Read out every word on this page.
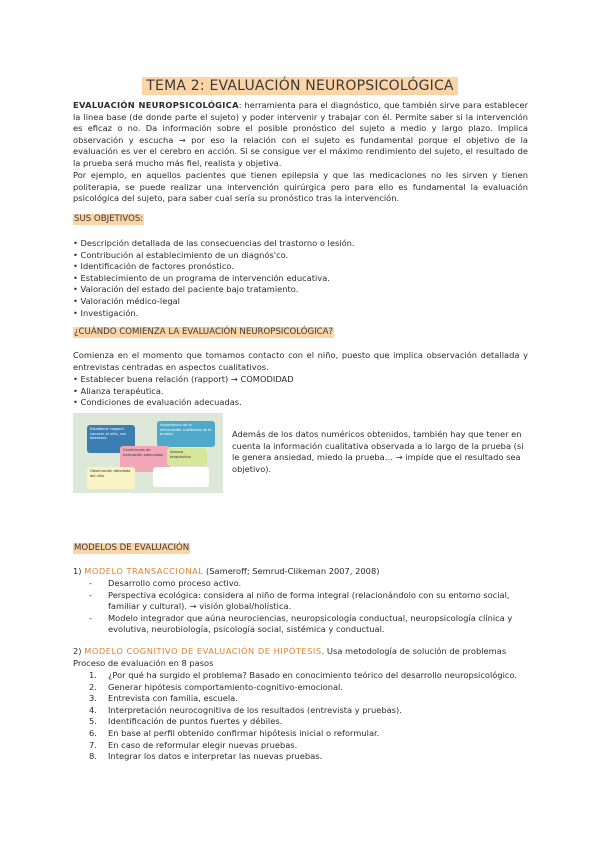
TEMA 2: EVALUACIÓN NEUROPSICOLÓGICA

EVALUACIÓN NEUROPSICOLÓGICA: herramienta para el diagnóstico, que también sirve para establecer la linea base (de donde parte el sujeto) y poder intervenir y trabajar con él. Permite saber si la intervención es eficaz o no. Da información sobre el posible pronóstico del sujeto a medio y largo plazo. Implica observación y escucha → por eso la relación con el sujeto es fundamental porque el objetivo de la evaluación es ver el cerebro en acción. Si se consigue ver el máximo rendimiento del sujeto, el resultado de la prueba será mucho más fiel, realista y objetiva.

Por ejemplo, en aquellos pacientes que tienen epilepsia y que las medicaciones no les sirven y tienen politerapia, se puede realizar una intervención quirúrgica pero para ello es fundamental la evaluación psicológica del sujeto, para saber cual sería su pronóstico tras la intervención.

SUS OBJETIVOS:
• Descripción detallada de las consecuencias del trastorno o lesión.
• Contribución al establecimiento de un diagnós'co.
• Identificación de factores pronóstico.
• Establecimiento de un programa de intervención educativa.
• Valoración del estado del paciente bajo tratamiento.
• Valoración médico-legal
• Investigación.
¿CUÁNDO COMIENZA LA EVALUACIÓN NEUROPSICOLÓGICA?

Comienza en el momento que tomamos contacto con el niño, puesto que implica observación detallada y entrevistas centradas en aspectos cualitativos.

• Establecer buena relación (rapport) → COMODIDAD
• Alianza terapéutica.
• Condiciones de evaluación adecuadas.
Establecer rapport: conocer al niño, sus intereses
Importancia de la información cualitativa de la prueba
Condiciones de evaluación adecuadas
Alianza terapéutica
Observación detallada del niño

Además de los datos numéricos obtenidos, también hay que tener en cuenta la información cualitativa observada a lo largo de la prueba (si le genera ansiedad, miedo la prueba… → impide que el resultado sea objetivo).

MODELOS DE EVALUACIÓN

1) MODELO TRANSACCIONAL (Sameroff; Semrud-Clikeman 2007, 2008)

- Desarrollo como proceso activo.
- Perspectiva ecológica: considera al niño de forma integral (relacionándolo con su entorno social, familiar y cultural). → visión global/holística.
- Modelo integrador que aúna neurociencias, neuropsicología conductual, neuropsicología clínica y evolutiva, neurobiología, psicología social, sistémica y conductual.

2) MODELO COGNITIVO DE EVALUACIÓN DE HIPÓTESIS. Usa metodología de solución de problemas
Proceso de evaluación en 8 pasos

1. ¿Por qué ha surgido el problema? Basado en conocimiento teórico del desarrollo neuropsicológico.
2. Generar hipótesis comportamiento-cognitivo-emocional.
3. Entrevista con familia, escuela.
4. Interpretación neurocognitiva de los resultados (entrevista y pruebas).
5. Identificación de puntos fuertes y débiles.
6. En base al perfil obtenido confirmar hipótesis inicial o reformular.
7. En caso de reformular elegir nuevas pruebas.
8. Integrar los datos e interpretar las nuevas pruebas.
